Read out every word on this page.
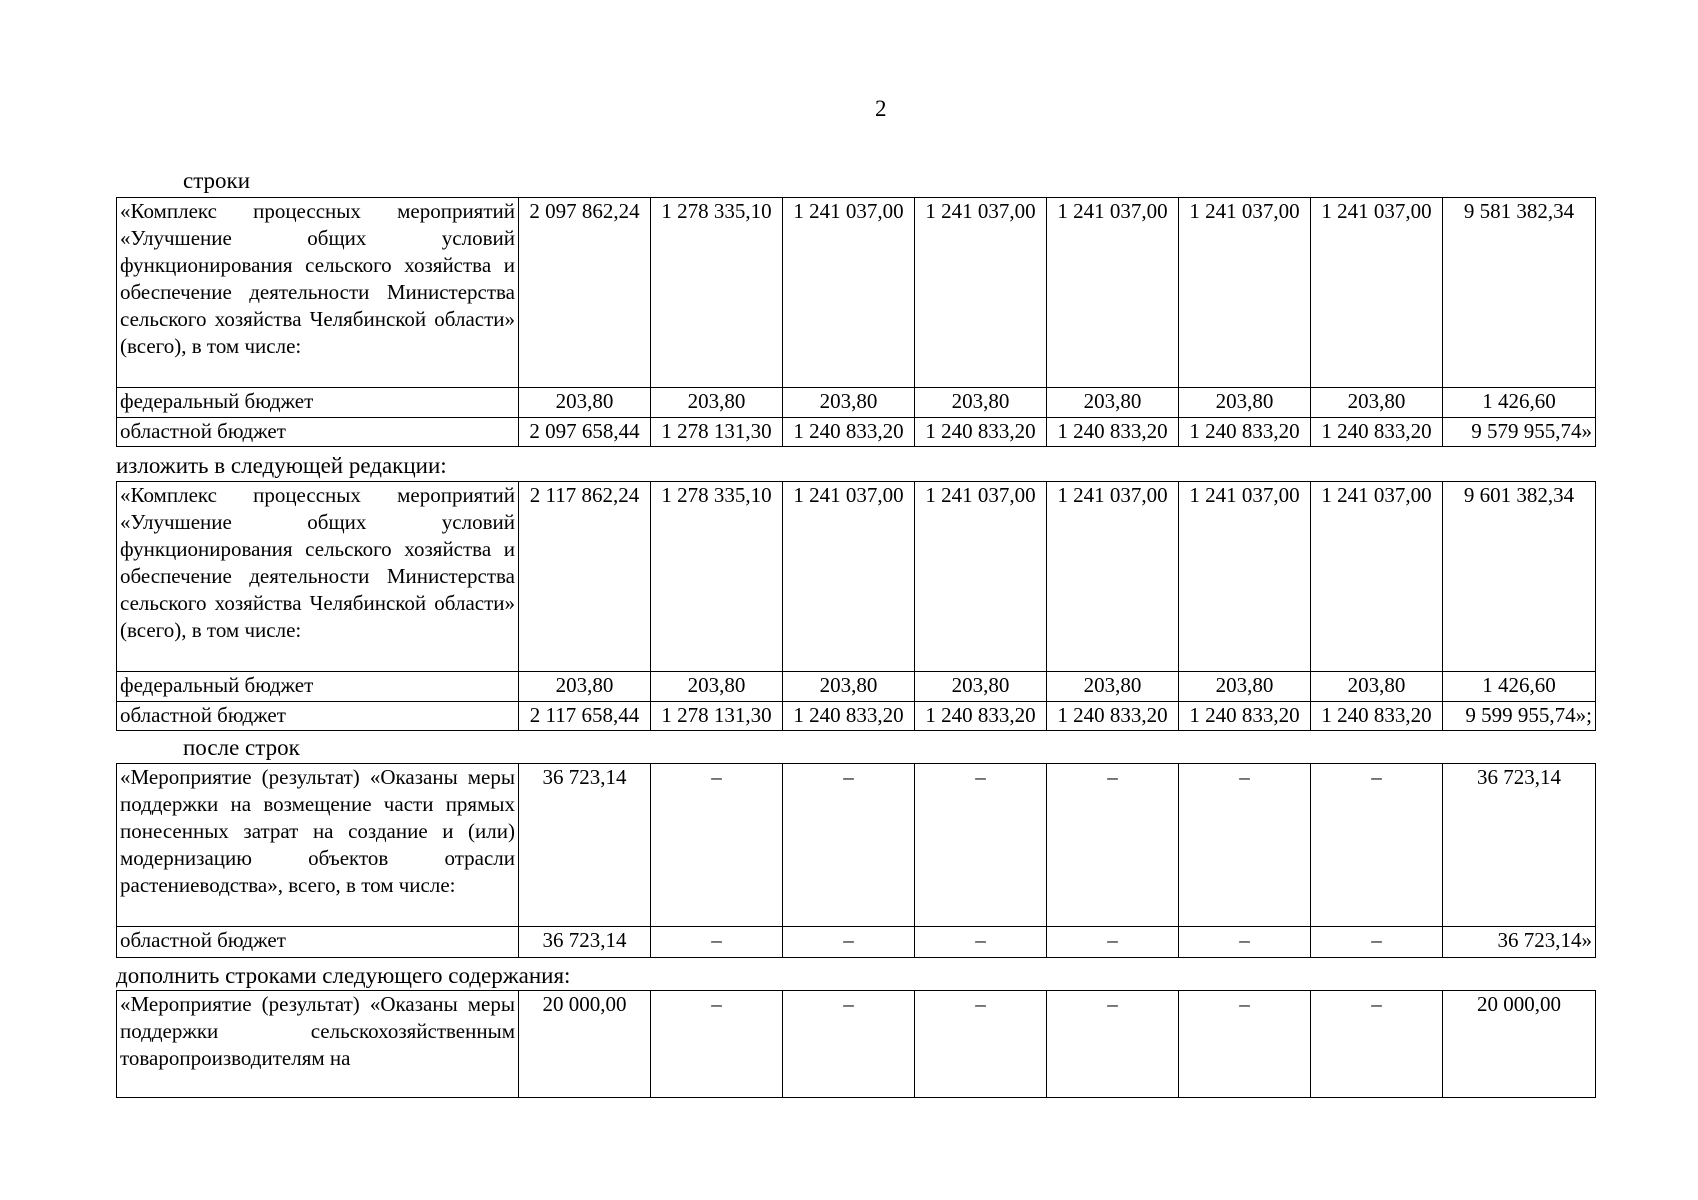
2
строки
«Комплекс процессных мероприятий «Улучшение общих условий функционирования сельского хозяйства и обеспечение деятельности Министерства сельского хозяйства Челябинской области» (всего), в том числе:	2 097 862,24	1 278 335,10	1 241 037,00	1 241 037,00	1 241 037,00	1 241 037,00	1 241 037,00	9 581 382,34
федеральный бюджет	203,80	203,80	203,80	203,80	203,80	203,80	203,80	1 426,60
областной бюджет	2 097 658,44	1 278 131,30	1 240 833,20	1 240 833,20	1 240 833,20	1 240 833,20	1 240 833,20	9 579 955,74»
изложить в следующей редакции:
«Комплекс процессных мероприятий «Улучшение общих условий функционирования сельского хозяйства и обеспечение деятельности Министерства сельского хозяйства Челябинской области» (всего), в том числе:	2 117 862,24	1 278 335,10	1 241 037,00	1 241 037,00	1 241 037,00	1 241 037,00	1 241 037,00	9 601 382,34
федеральный бюджет	203,80	203,80	203,80	203,80	203,80	203,80	203,80	1 426,60
областной бюджет	2 117 658,44	1 278 131,30	1 240 833,20	1 240 833,20	1 240 833,20	1 240 833,20	1 240 833,20	9 599 955,74»;
после строк
«Мероприятие (результат) «Оказаны меры поддержки на возмещение части прямых понесенных затрат на создание и (или) модернизацию объектов отрасли растениеводства», всего, в том числе:	36 723,14	–	–	–	–	–	–	36 723,14
областной бюджет	36 723,14	–	–	–	–	–	–	36 723,14»
дополнить строками следующего содержания:
«Мероприятие (результат) «Оказаны меры поддержки сельскохозяйственным товаропроизводителям на	20 000,00	–	–	–	–	–	–	20 000,00
